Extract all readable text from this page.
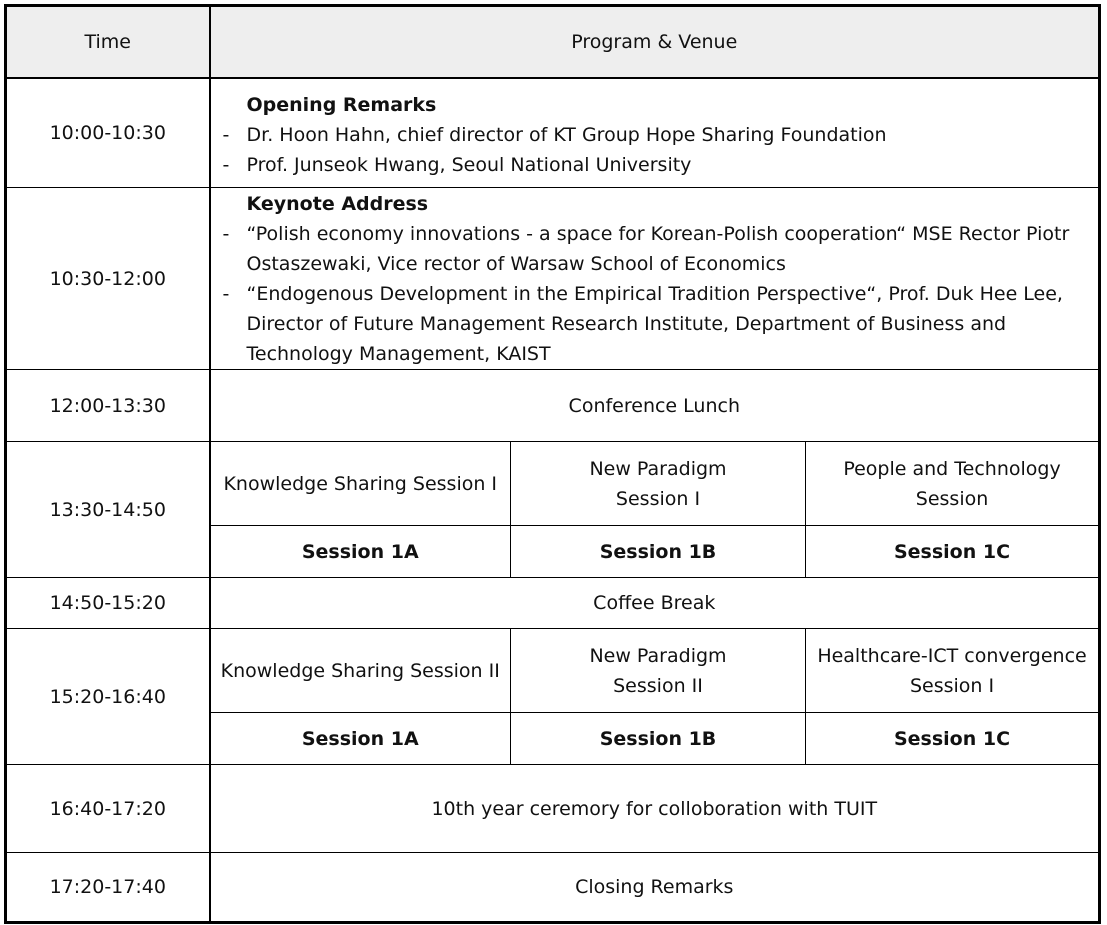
Time	Program & Venue		
10:00-10:30	Opening Remarks
- Dr. Hoon Hahn, chief director of KT Group Hope Sharing Foundation
- Prof. Junseok Hwang, Seoul National University		

10:30-12:00	Keynote Address
- “Polish economy innovations - a space for Korean-Polish cooperation“ MSE Rector Piotr Ostaszewaki, Vice rector of Warsaw School of Economics
- “Endogenous Development in the Empirical Tradition Perspective“, Prof. Duk Hee Lee, Director of Future Management Research Institute, Department of Business and Technology Management, KAIST		

12:00-13:30	Conference Lunch		
13:30-14:50	Knowledge Sharing Session I	New Paradigm Session I	People and Technology Session
	Session 1A	Session 1B	Session 1C
14:50-15:20	Coffee Break		
15:20-16:40	Knowledge Sharing Session II	New Paradigm Session II	Healthcare-ICT convergence Session I
	Session 1A	Session 1B	Session 1C
16:40-17:20	10th year ceremory for colloboration with TUIT		
17:20-17:40	Closing Remarks		
